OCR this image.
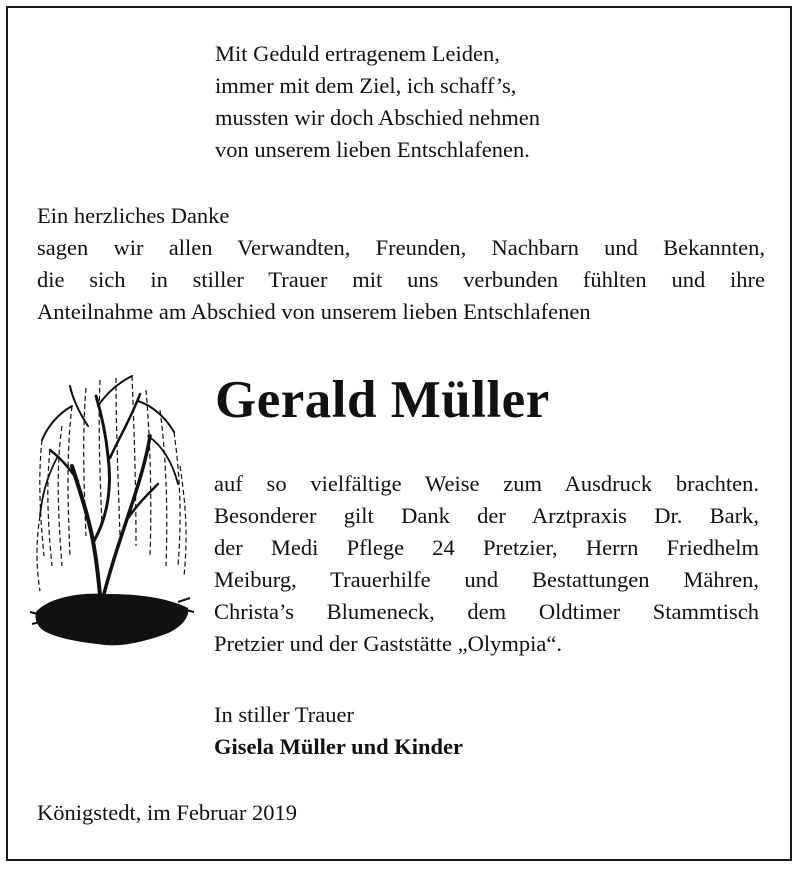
Mit Geduld ertragenem Leiden,
immer mit dem Ziel, ich schaff’s,
mussten wir doch Abschied nehmen
von unserem lieben Entschlafenen.
Ein herzliches Danke
sagen wir allen Verwandten, Freunden, Nachbarn und Bekannten,
die sich in stiller Trauer mit uns verbunden fühlten und ihre
Anteilnahme am Abschied von unserem lieben Entschlafenen
Gerald Müller
auf so vielfältige Weise zum Ausdruck brachten.
Besonderer gilt Dank der Arztpraxis Dr. Bark,
der Medi Pflege 24 Pretzier, Herrn Friedhelm
Meiburg, Trauerhilfe und Bestattungen Mähren,
Christa’s Blumeneck, dem Oldtimer Stammtisch
Pretzier und der Gaststätte „Olympia“.
In stiller Trauer
Gisela Müller und Kinder
Königstedt, im Februar 2019
